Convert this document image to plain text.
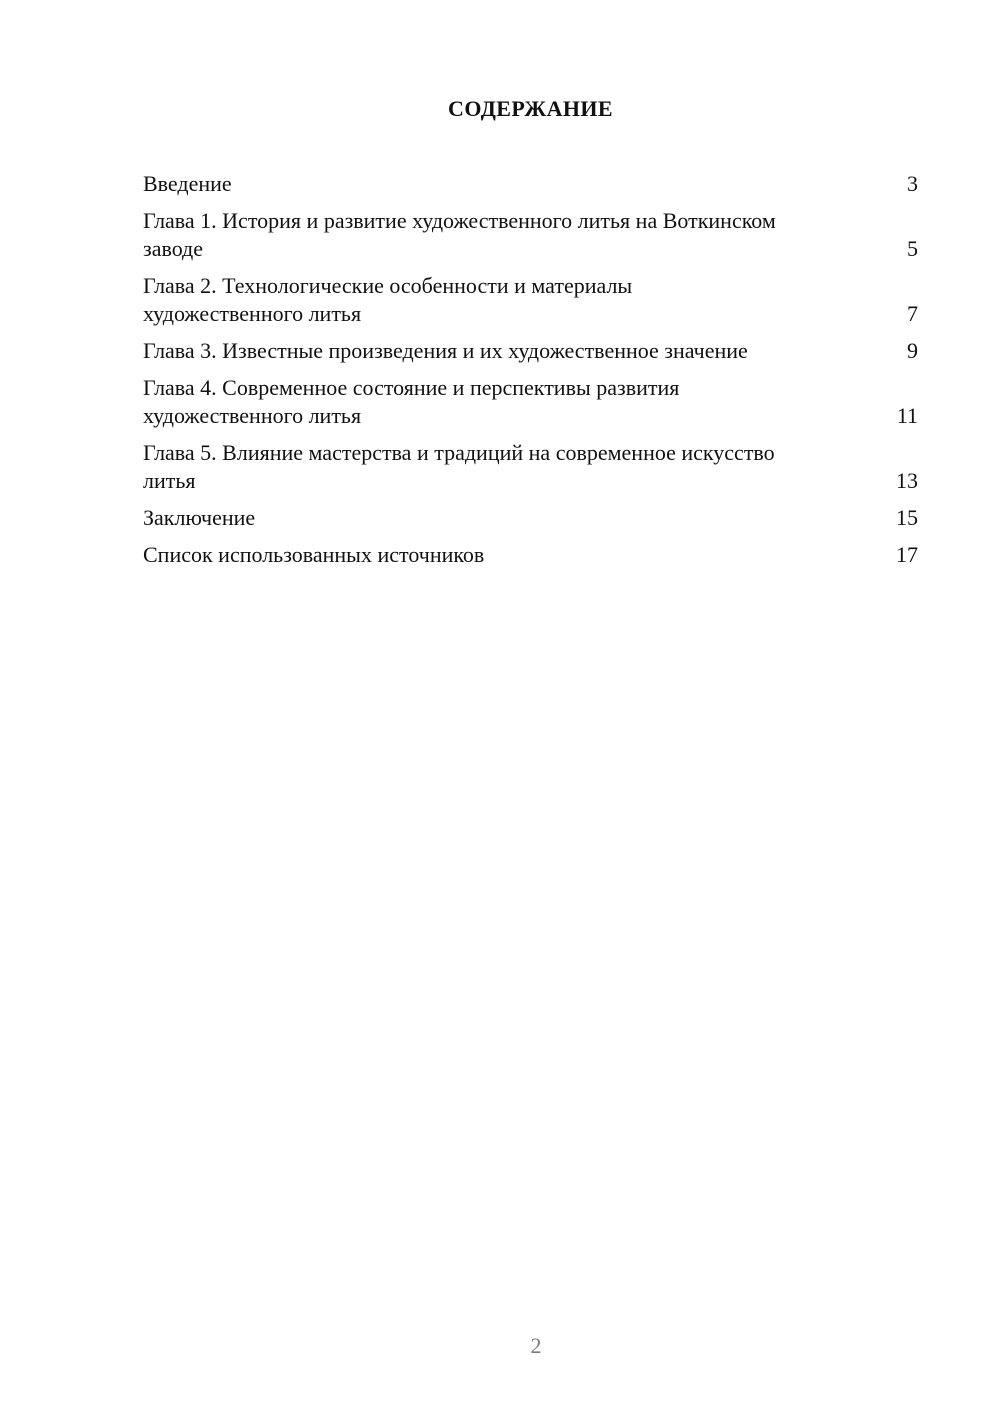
СОДЕРЖАНИЕ
Введение	3
Глава 1. История и развитие художественного литья на Воткинском заводе	5
Глава 2. Технологические особенности и материалы художественного литья	7
Глава 3. Известные произведения и их художественное значение	9
Глава 4. Современное состояние и перспективы развития художественного литья	11
Глава 5. Влияние мастерства и традиций на современное искусство литья	13
Заключение	15
Список использованных источников	17
2
